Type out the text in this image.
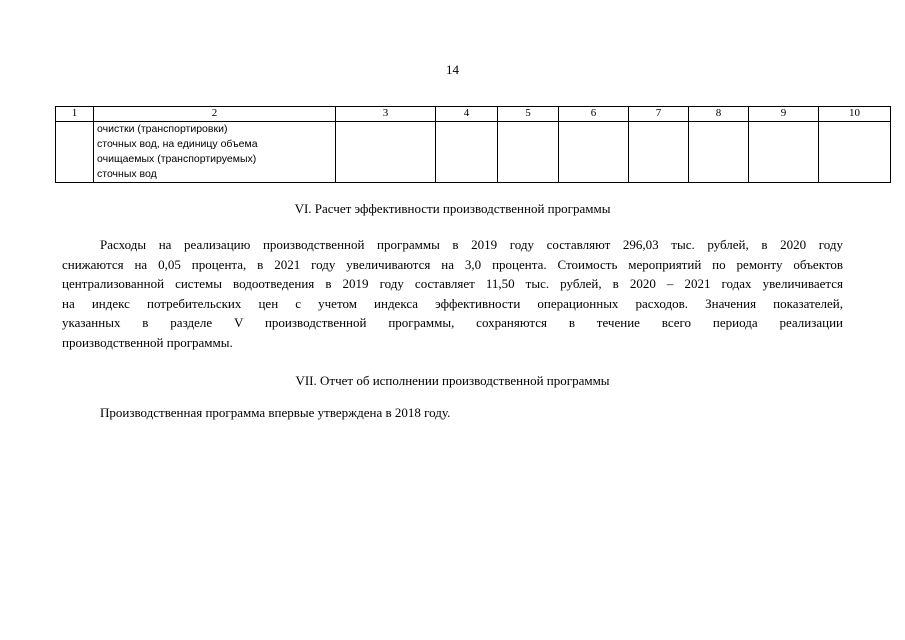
14
1	2	3	4	5	6	7	8	9	10

	очистки (транспортировки)
сточных вод, на единицу объема
очищаемых (транспортируемых)
сточных вод								

VI. Расчет эффективности производственной программы
Расходы на реализацию производственной программы в 2019 году составляют 296,03 тыс. рублей, в 2020 году
снижаются на 0,05 процента, в 2021 году увеличиваются на 3,0 процента. Стоимость мероприятий по ремонту объектов
централизованной системы водоотведения в 2019 году составляет 11,50 тыс. рублей, в 2020 – 2021 годах увеличивается
на индекс потребительских цен с учетом индекса эффективности операционных расходов. Значения показателей,
указанных в разделе V производственной программы, сохраняются в течение всего периода реализации
производственной программы.
VII. Отчет об исполнении производственной программы
Производственная программа впервые утверждена в 2018 году.
